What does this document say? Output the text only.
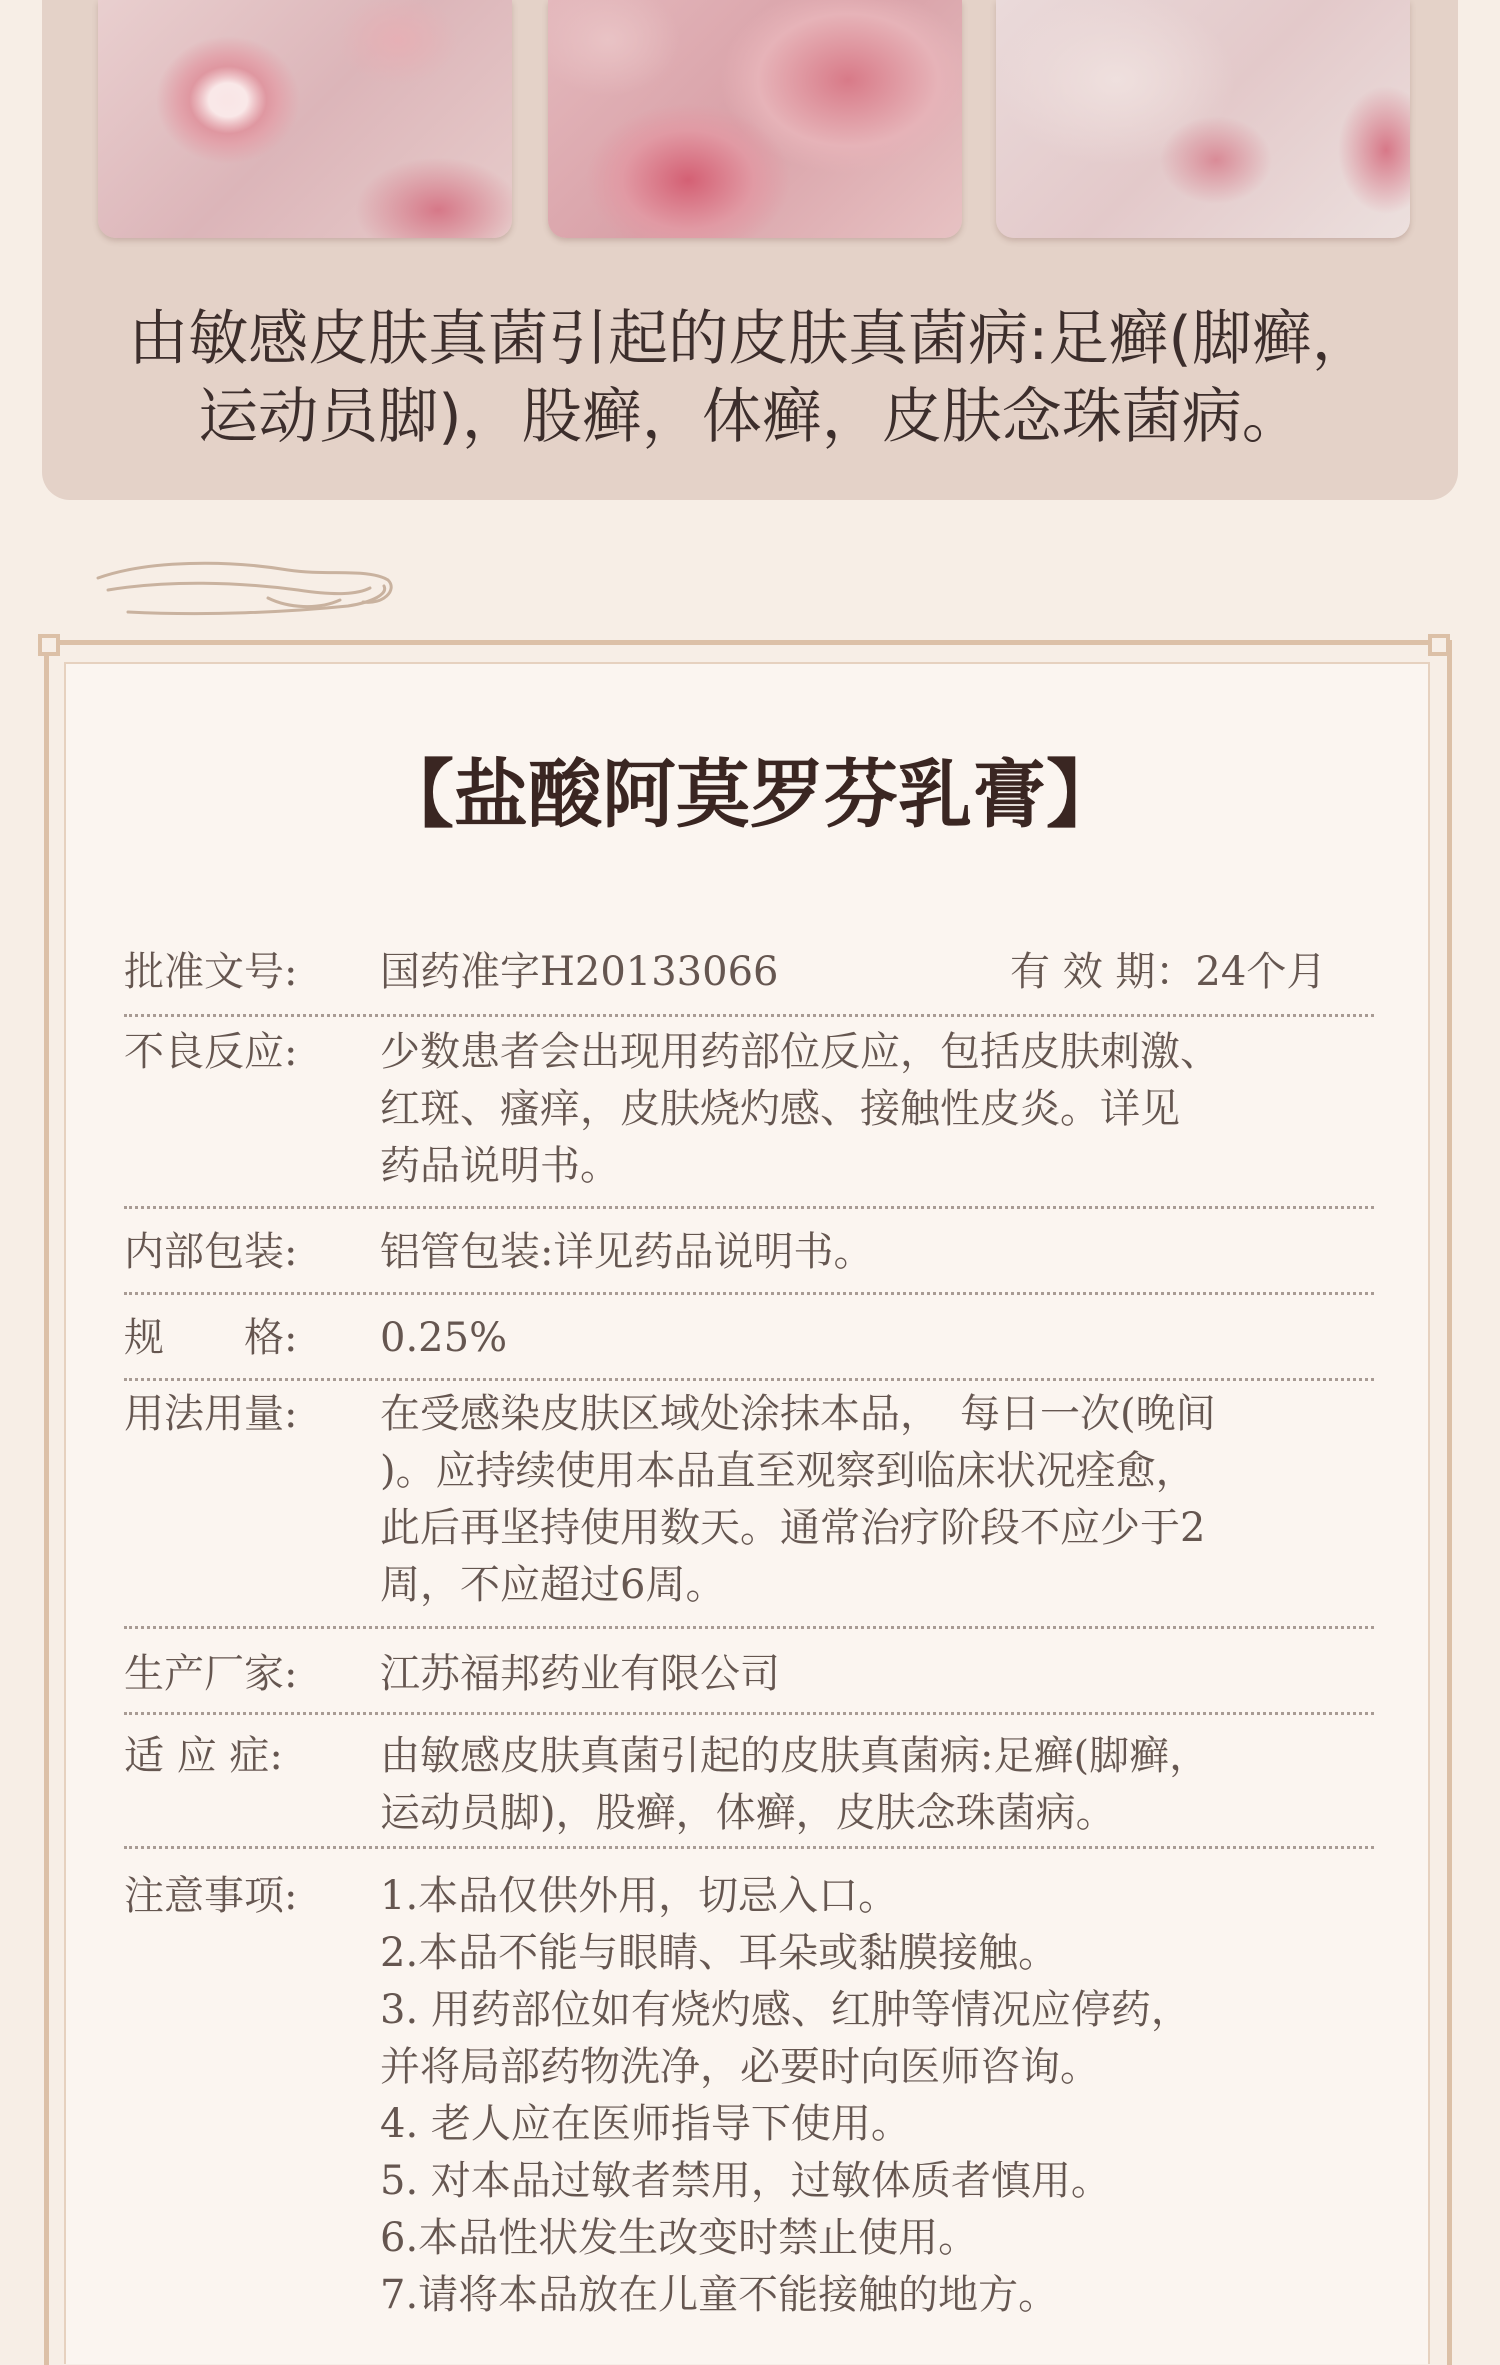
由敏感皮肤真菌引起的皮肤真菌病:足癣(脚癣，
运动员脚)，股癣，体癣，皮肤念珠菌病。

【盐酸阿莫罗芬乳膏】
批准文号:	国药准字H20133066	有 效 期：24个月
不良反应:	少数患者会出现用药部位反应，包括皮肤刺激、
红斑、瘙痒，皮肤烧灼感、接触性皮炎。详见
药品说明书。
内部包装:	铝管包装:详见药品说明书。
规　　格:	0.25%
用法用量:	在受感染皮肤区域处涂抹本品，　每日一次(晚间
)。应持续使用本品直至观察到临床状况痊愈，
此后再坚持使用数天。通常治疗阶段不应少于2
周，不应超过6周。
生产厂家:	江苏福邦药业有限公司
适 应 症:	由敏感皮肤真菌引起的皮肤真菌病:足癣(脚癣，
运动员脚)，股癣，体癣，皮肤念珠菌病。
注意事项:	1.本品仅供外用，切忌入口。
2.本品不能与眼睛、耳朵或黏膜接触。
3. 用药部位如有烧灼感、红肿等情况应停药，
并将局部药物洗净，必要时向医师咨询。
4. 老人应在医师指导下使用。
5. 对本品过敏者禁用，过敏体质者慎用。
6.本品性状发生改变时禁止使用。
7.请将本品放在儿童不能接触的地方。
